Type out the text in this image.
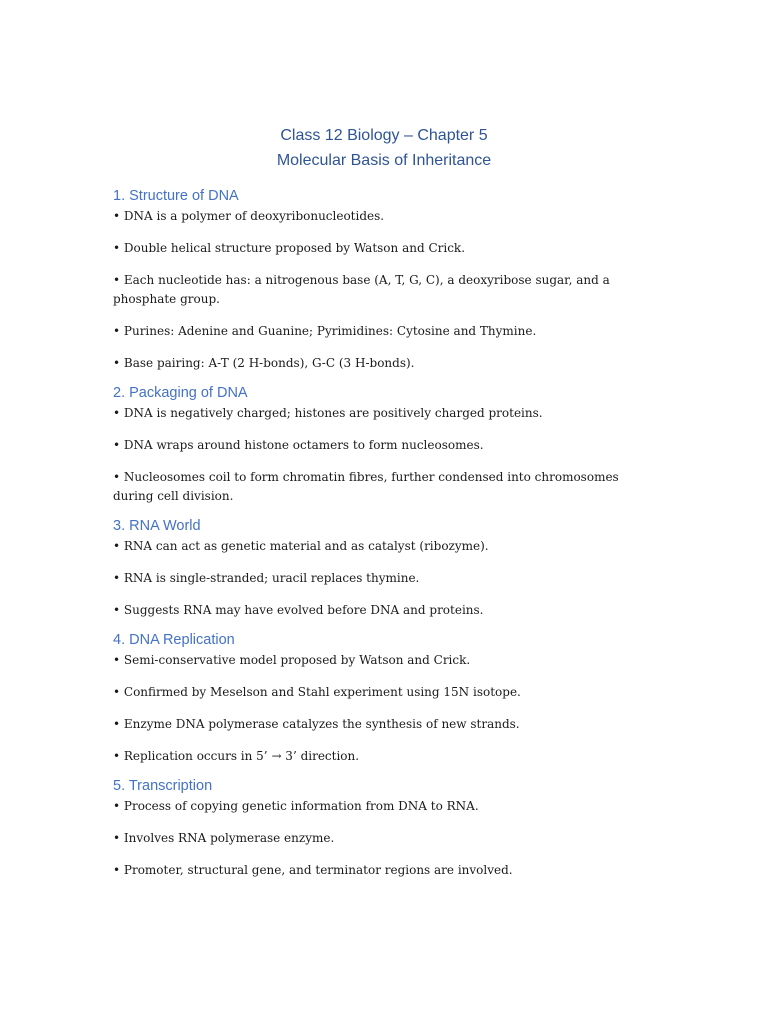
Class 12 Biology – Chapter 5

Molecular Basis of Inheritance

1. Structure of DNA

• DNA is a polymer of deoxyribonucleotides.

• Double helical structure proposed by Watson and Crick.

• Each nucleotide has: a nitrogenous base (A, T, G, C), a deoxyribose sugar, and a phosphate group.

• Purines: Adenine and Guanine; Pyrimidines: Cytosine and Thymine.

• Base pairing: A-T (2 H-bonds), G-C (3 H-bonds).

2. Packaging of DNA

• DNA is negatively charged; histones are positively charged proteins.

• DNA wraps around histone octamers to form nucleosomes.

• Nucleosomes coil to form chromatin fibres, further condensed into chromosomes during cell division.

3. RNA World

• RNA can act as genetic material and as catalyst (ribozyme).

• RNA is single-stranded; uracil replaces thymine.

• Suggests RNA may have evolved before DNA and proteins.

4. DNA Replication

• Semi-conservative model proposed by Watson and Crick.

• Confirmed by Meselson and Stahl experiment using 15N isotope.

• Enzyme DNA polymerase catalyzes the synthesis of new strands.

• Replication occurs in 5’ → 3’ direction.

5. Transcription

• Process of copying genetic information from DNA to RNA.

• Involves RNA polymerase enzyme.

• Promoter, structural gene, and terminator regions are involved.
